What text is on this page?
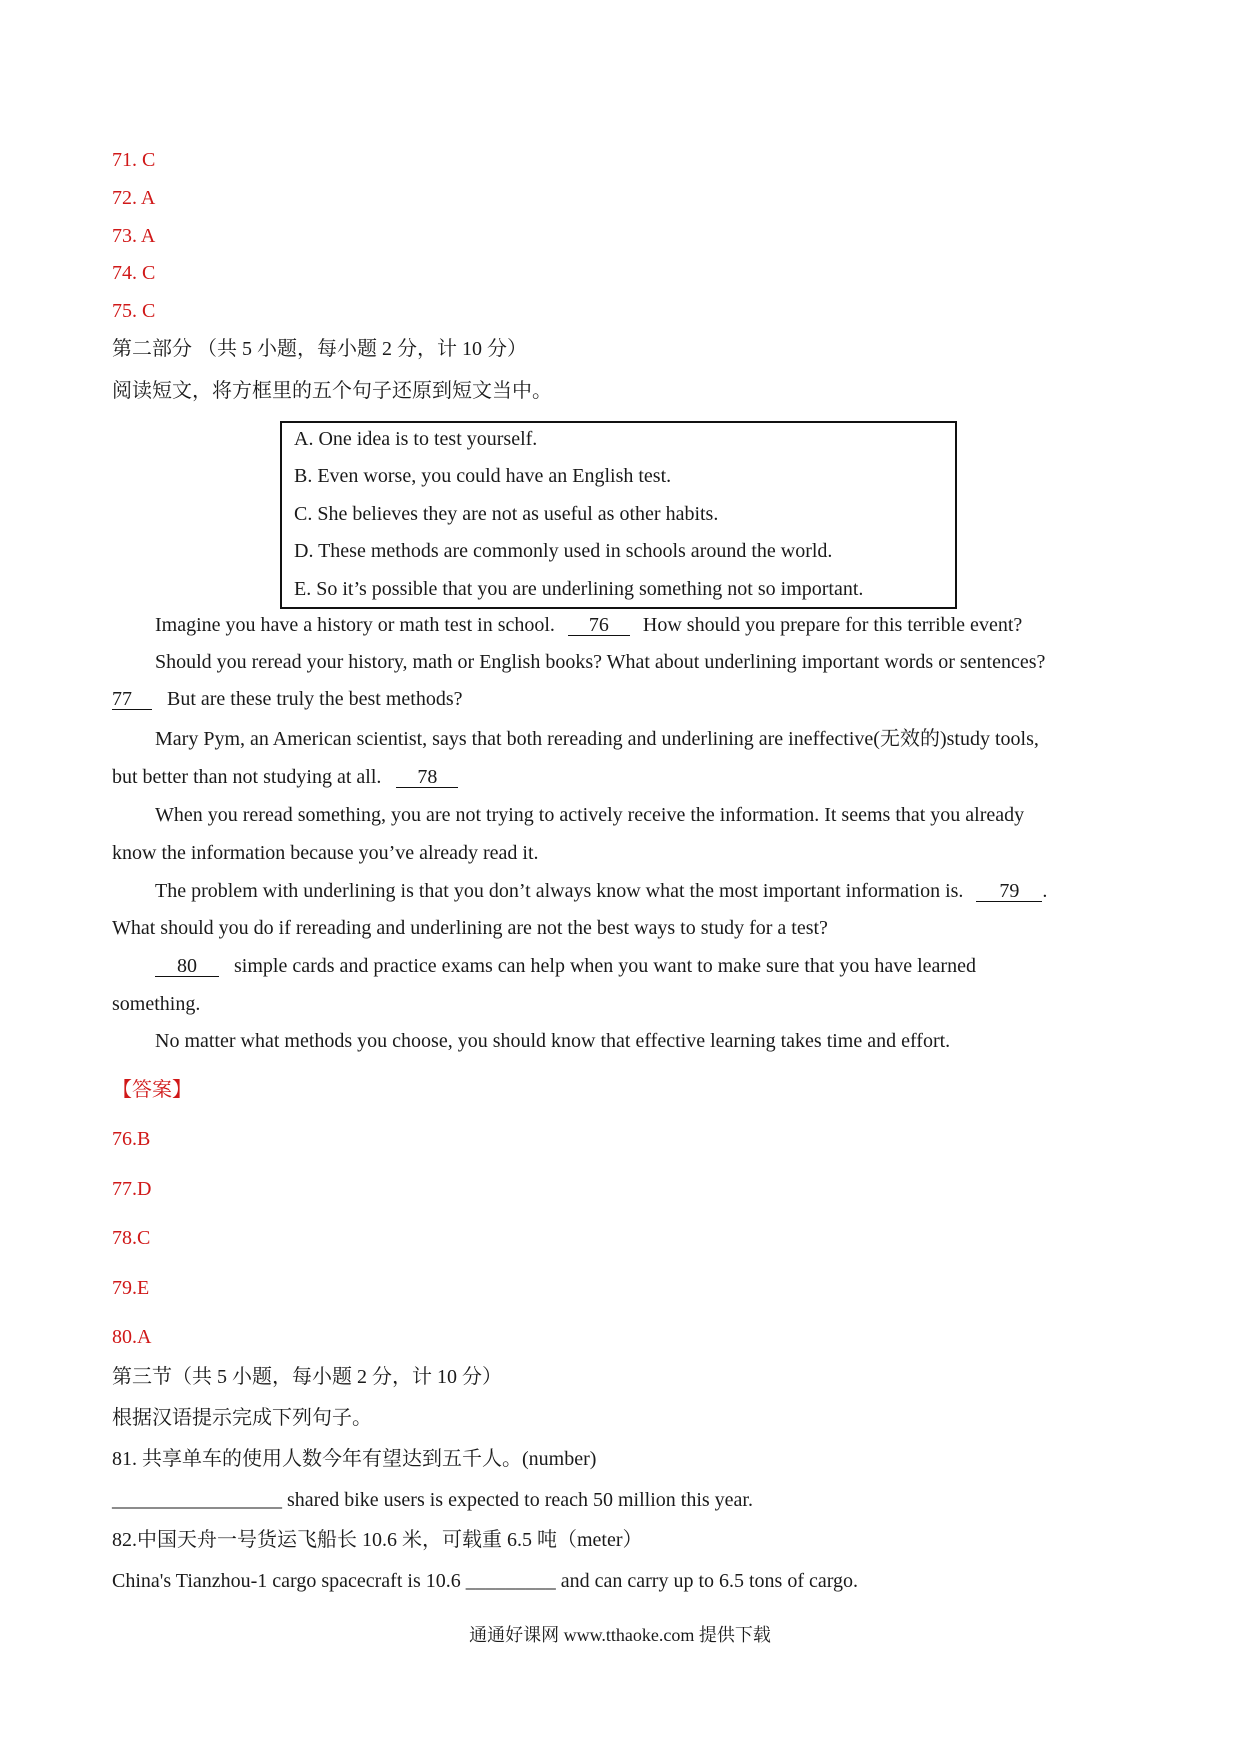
71. C
72. A
73. A
74. C
75. C
第二部分 （共 5 小题，每小题 2 分，计 10 分）
阅读短文，将方框里的五个句子还原到短文当中。
A. One idea is to test yourself.
B. Even worse, you could have an English test.
C. She believes they are not as useful as other habits.
D. These methods are commonly used in schools around the world.
E. So it’s possible that you are underlining something not so important.
Imagine you have a history or math test in school. 76 How should you prepare for this terrible event?
Should you reread your history, math or English books? What about underlining important words or sentences?
77 But are these truly the best methods?
Mary Pym, an American scientist, says that both rereading and underlining are ineffective(无效的)study tools,
but better than not studying at all. 78
When you reread something, you are not trying to actively receive the information. It seems that you already
know the information because you’ve already read it.
The problem with underlining is that you don’t always know what the most important information is. 79 .
What should you do if rereading and underlining are not the best ways to study for a test?
80 simple cards and practice exams can help when you want to make sure that you have learned
something.
No matter what methods you choose, you should know that effective learning takes time and effort.
【答案】
76.B
77.D
78.C
79.E
80.A
第三节（共 5 小题，每小题 2 分，计 10 分）
根据汉语提示完成下列句子。
81. 共享单车的使用人数今年有望达到五千人。(number)
_________________ shared bike users is expected to reach 50 million this year.
82.中国天舟一号货运飞船长 10.6 米，可载重 6.5 吨（meter）
China's Tianzhou-1 cargo spacecraft is 10.6 _________ and can carry up to 6.5 tons of cargo.
通通好课网 www.tthaoke.com 提供下载
